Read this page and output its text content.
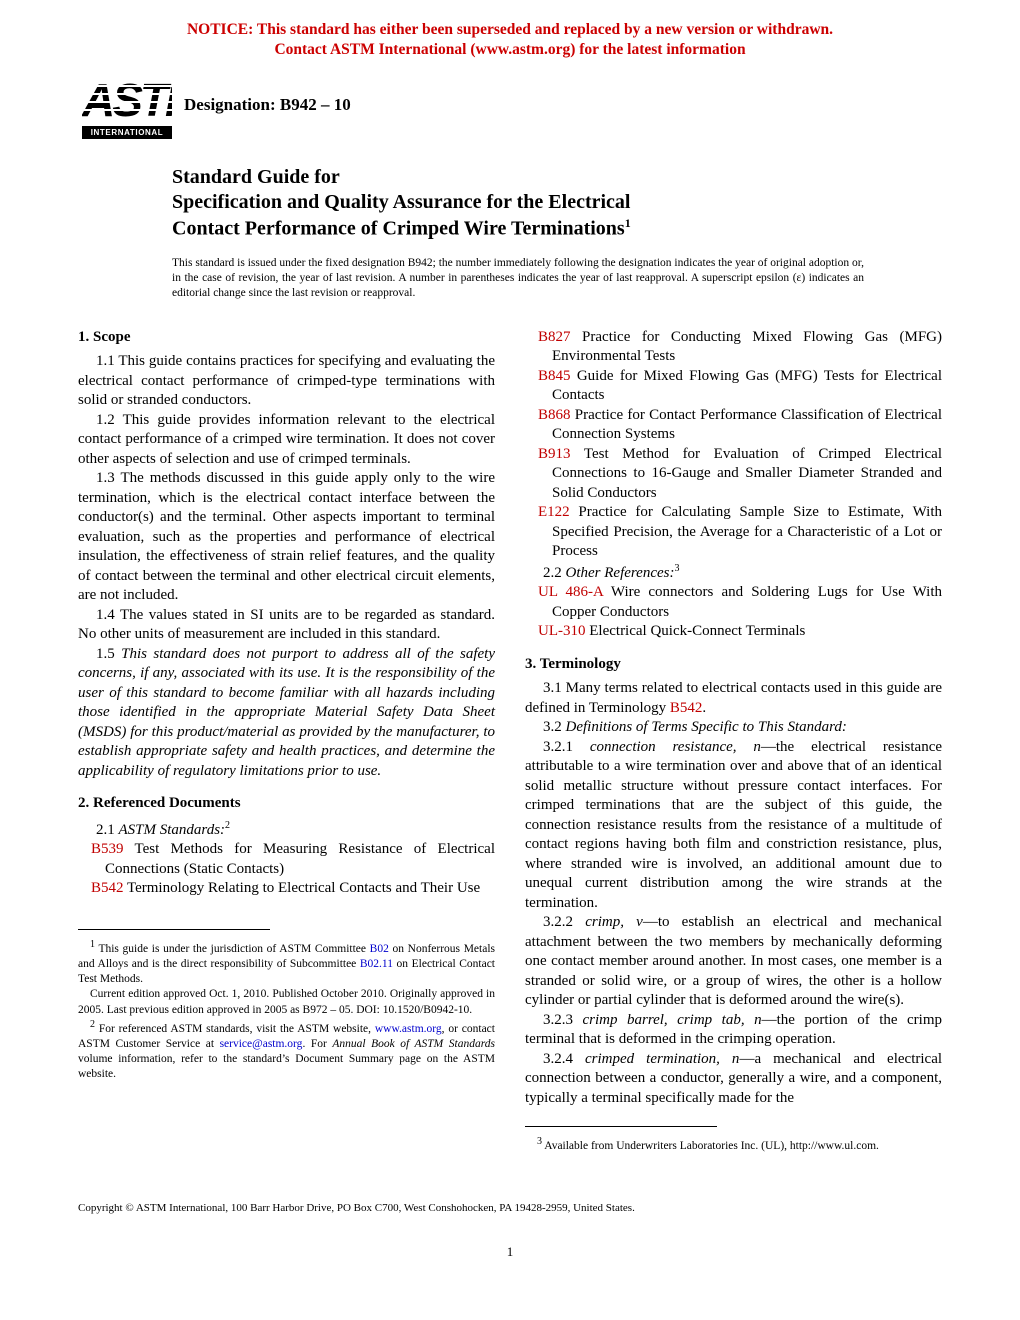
NOTICE: This standard has either been superseded and replaced by a new version or withdrawn.
Contact ASTM International (www.astm.org) for the latest information
ASTM
INTERNATIONAL
Designation: B942 – 10
Standard Guide for
Specification and Quality Assurance for the Electrical
Contact Performance of Crimped Wire Terminations$^1$

This standard is issued under the fixed designation B942; the number immediately following the designation indicates the year of original adoption or, in the case of revision, the year of last revision. A number in parentheses indicates the year of last reapproval. A superscript epsilon (ε) indicates an editorial change since the last revision or reapproval.

1. Scope

1.1 This guide contains practices for specifying and evaluating the electrical contact performance of crimped-type terminations with solid or stranded conductors.

1.2 This guide provides information relevant to the electrical contact performance of a crimped wire termination. It does not cover other aspects of selection and use of crimped terminals.

1.3 The methods discussed in this guide apply only to the wire termination, which is the electrical contact interface between the conductor(s) and the terminal. Other aspects important to terminal evaluation, such as the properties and performance of electrical insulation, the effectiveness of strain relief features, and the quality of contact between the terminal and other electrical circuit elements, are not included.

1.4 The values stated in SI units are to be regarded as standard. No other units of measurement are included in this standard.

1.5 This standard does not purport to address all of the safety concerns, if any, associated with its use. It is the responsibility of the user of this standard to become familiar with all hazards including those identified in the appropriate Material Safety Data Sheet (MSDS) for this product/material as provided by the manufacturer, to establish appropriate safety and health practices, and determine the applicability of regulatory limitations prior to use.

2. Referenced Documents

2.1 ASTM Standards:$^2$

B539 Test Methods for Measuring Resistance of Electrical Connections (Static Contacts)

B542 Terminology Relating to Electrical Contacts and Their Use

$^1$ This guide is under the jurisdiction of ASTM Committee B02 on Nonferrous Metals and Alloys and is the direct responsibility of Subcommittee B02.11 on Electrical Contact Test Methods.

Current edition approved Oct. 1, 2010. Published October 2010. Originally approved in 2005. Last previous edition approved in 2005 as B972 – 05. DOI: 10.1520/B0942-10.

$^2$ For referenced ASTM standards, visit the ASTM website, www.astm.org, or contact ASTM Customer Service at service@astm.org. For Annual Book of ASTM Standards volume information, refer to the standard’s Document Summary page on the ASTM website.

B827 Practice for Conducting Mixed Flowing Gas (MFG) Environmental Tests

B845 Guide for Mixed Flowing Gas (MFG) Tests for Electrical Contacts

B868 Practice for Contact Performance Classification of Electrical Connection Systems

B913 Test Method for Evaluation of Crimped Electrical Connections to 16-Gauge and Smaller Diameter Stranded and Solid Conductors

E122 Practice for Calculating Sample Size to Estimate, With Specified Precision, the Average for a Characteristic of a Lot or Process

2.2 Other References:$^3$

UL 486-A Wire connectors and Soldering Lugs for Use With Copper Conductors

UL-310 Electrical Quick-Connect Terminals

3. Terminology

3.1 Many terms related to electrical contacts used in this guide are defined in Terminology B542.

3.2 Definitions of Terms Specific to This Standard:

3.2.1 connection resistance, n—the electrical resistance attributable to a wire termination over and above that of an identical solid metallic structure without pressure contact interfaces. For crimped terminations that are the subject of this guide, the connection resistance results from the resistance of a multitude of contact regions having both film and constriction resistance, plus, where stranded wire is involved, an additional amount due to unequal current distribution among the wire strands at the termination.

3.2.2 crimp, v—to establish an electrical and mechanical attachment between the two members by mechanically deforming one contact member around another. In most cases, one member is a stranded or solid wire, or a group of wires, the other is a hollow cylinder or partial cylinder that is deformed around the wire(s).

3.2.3 crimp barrel, crimp tab, n—the portion of the crimp terminal that is deformed in the crimping operation.

3.2.4 crimped termination, n—a mechanical and electrical connection between a conductor, generally a wire, and a component, typically a terminal specifically made for the

$^3$ Available from Underwriters Laboratories Inc. (UL), http://www.ul.com.

Copyright © ASTM International, 100 Barr Harbor Drive, PO Box C700, West Conshohocken, PA 19428-2959, United States.
1
